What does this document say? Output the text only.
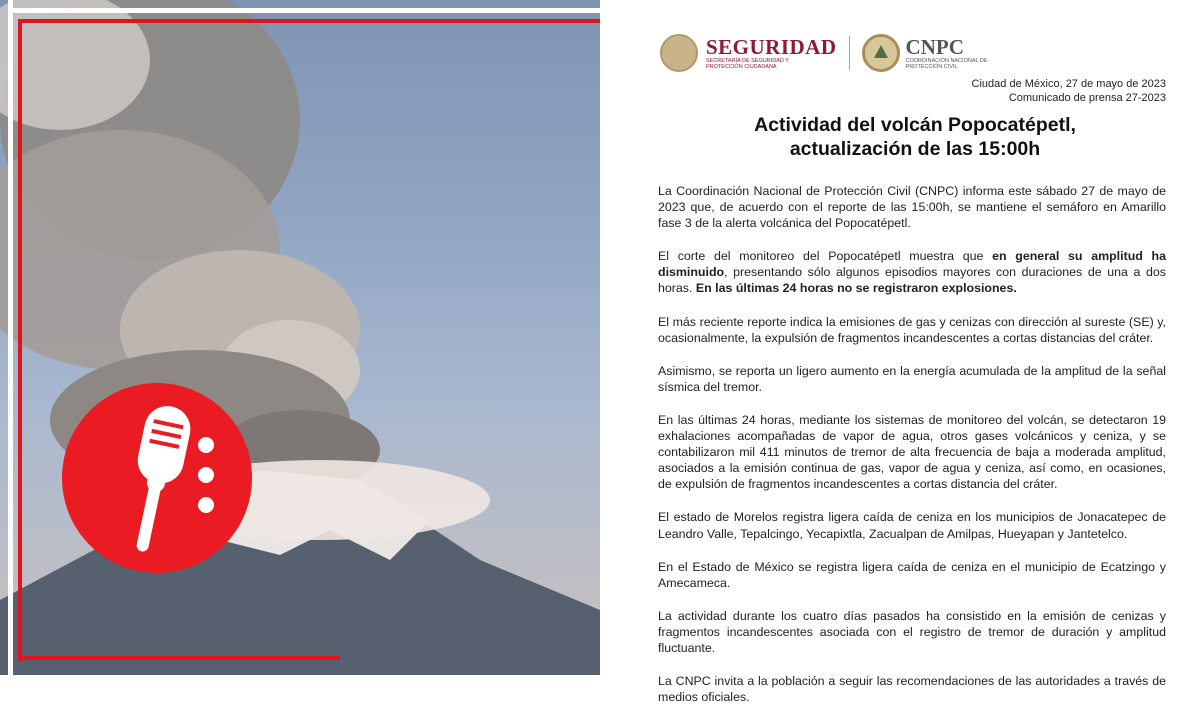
SEGURIDAD
SECRETARÍA DE SEGURIDAD Y PROTECCIÓN CIUDADANA
CNPC
COORDINACIÓN NACIONAL DE PROTECCIÓN CIVIL
Ciudad de México, 27 de mayo de 2023
Comunicado de prensa 27-2023
Actividad del volcán Popocatépetl,
actualización de las 15:00h

La Coordinación Nacional de Protección Civil (CNPC) informa este sábado 27 de mayo de 2023 que, de acuerdo con el reporte de las 15:00h, se mantiene el semáforo en Amarillo fase 3 de la alerta volcánica del Popocatépetl.

El corte del monitoreo del Popocatépetl muestra que en general su amplitud ha disminuido, presentando sólo algunos episodios mayores con duraciones de una a dos horas. En las últimas 24 horas no se registraron explosiones.

El más reciente reporte indica la emisiones de gas y cenizas con dirección al sureste (SE) y, ocasionalmente, la expulsión de fragmentos incandescentes a cortas distancias del cráter.

Asimismo, se reporta un ligero aumento en la energía acumulada de la amplitud de la señal sísmica del tremor.

En las últimas 24 horas, mediante los sistemas de monitoreo del volcán, se detectaron 19 exhalaciones acompañadas de vapor de agua, otros gases volcánicos y ceniza, y se contabilizaron mil 411 minutos de tremor de alta frecuencia de baja a moderada amplitud, asociados a la emisión continua de gas, vapor de agua y ceniza, así como, en ocasiones, de expulsión de fragmentos incandescentes a cortas distancia del cráter.

El estado de Morelos registra ligera caída de ceniza en los municipios de Jonacatepec de Leandro Valle, Tepalcingo, Yecapixtla, Zacualpan de Amilpas, Hueyapan y Jantetelco.

En el Estado de México se registra ligera caída de ceniza en el municipio de Ecatzingo y Amecameca.

La actividad durante los cuatro días pasados ha consistido en la emisión de cenizas y fragmentos incandescentes asociada con el registro de tremor de duración y amplitud fluctuante.

La CNPC invita a la población a seguir las recomendaciones de las autoridades a través de medios oficiales.
